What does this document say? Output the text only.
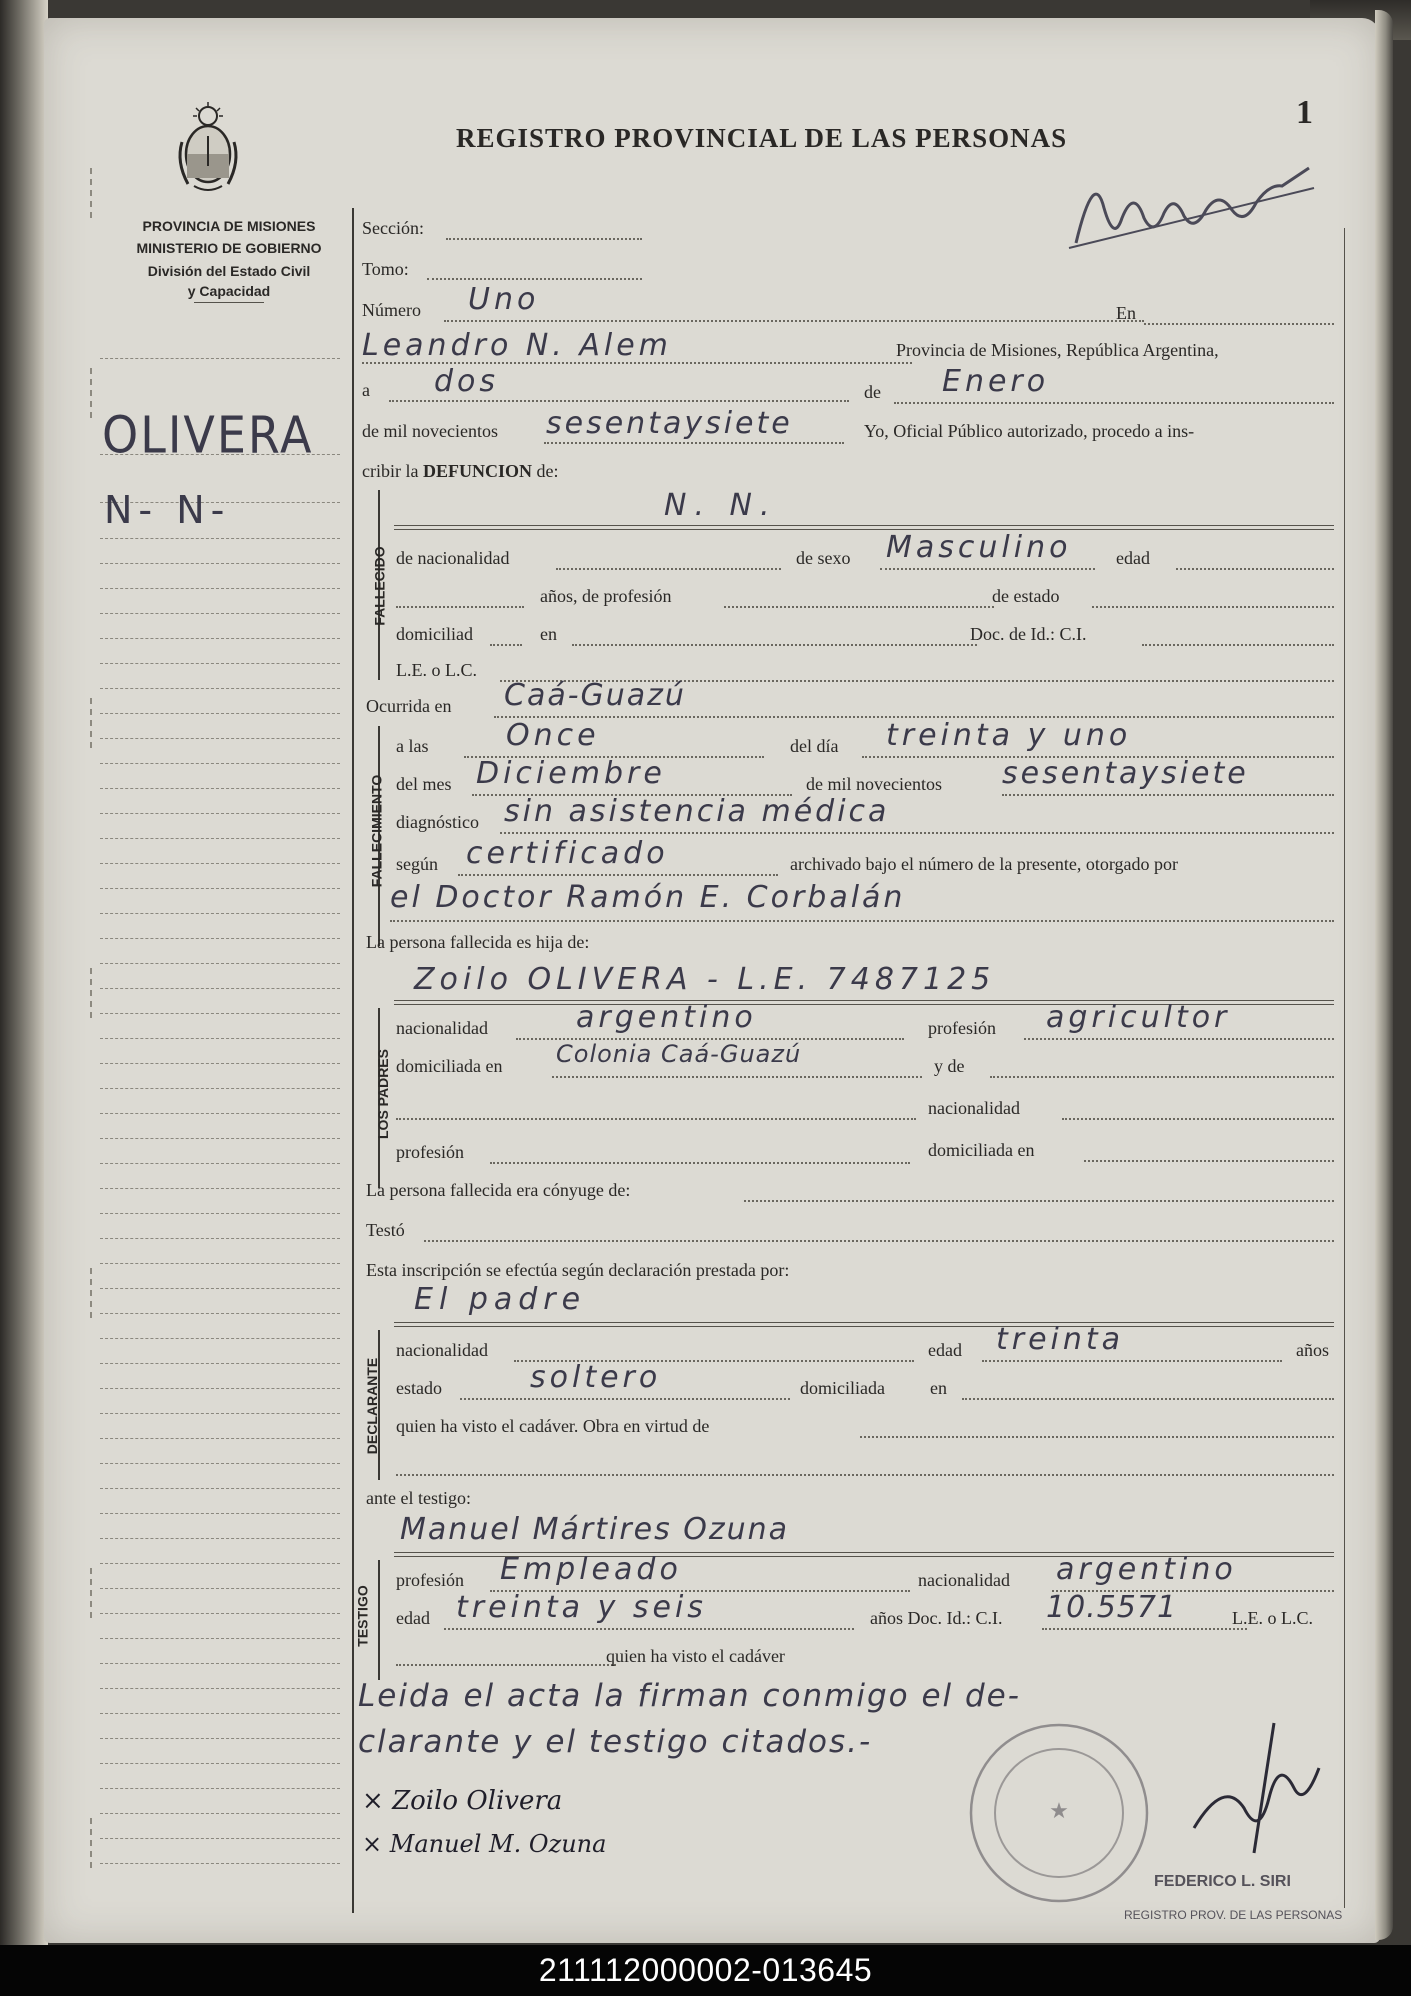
REGISTRO PROVINCIAL DE LAS PERSONAS
1
PROVINCIA DE MISIONES
MINISTERIO DE GOBIERNO
División del Estado Civil
y Capacidad
OLIVERA
N- N-
Sección:
Tomo:
Número Uno	En
Leandro N. Alem	Provincia de Misiones, República Argentina,
a dos	de Enero
de mil novecientos sesentaysiete	Yo, Oficial Público autorizado, procedo a ins-
cribir la DEFUNCION de:
FALLECIDO
N. N.
de nacionalidad	de sexo Masculino edad
años, de profesión	de estado
domiciliad	en	Doc. de Id.: C.I.
L.E. o L.C.
Ocurrida en Caá-Guazú
FALLECIMIENTO
a las	Once	del día treinta y uno
del mes Diciembre	de mil novecientos sesentaysiete
diagnóstico sin asistencia médica
según certificado	archivado bajo el número de la presente, otorgado por
el Doctor Ramón E. Corbalán
La persona fallecida es hija de:
Zoilo OLIVERA - L.E. 7487125
LOS PADRES
nacionalidad	argentino	profesión agricultor
domiciliada en Colonia Caá-Guazú	y de
nacionalidad
profesión	domiciliada en
La persona fallecida era cónyuge de:
Testó
Esta inscripción se efectúa según declaración prestada por:
El padre
DECLARANTE
nacionalidad	edad treinta	años
estado	soltero	domiciliada	en
quien ha visto el cadáver. Obra en virtud de
ante el testigo:
Manuel Mártires Ozuna
TESTIGO
profesión Empleado	nacionalidad argentino
edad treinta y seis	años Doc. Id.: C.I. 10.5571	L.E. o L.C.
quien ha visto el cadáver
Leida el acta la firman conmigo el de-
clarante y el testigo citados.-
× Zoilo Olivera
× Manuel M. Ozuna
★
FEDERICO L. SIRI
REGISTRO PROV. DE LAS PERSONAS
211112000002-013645
